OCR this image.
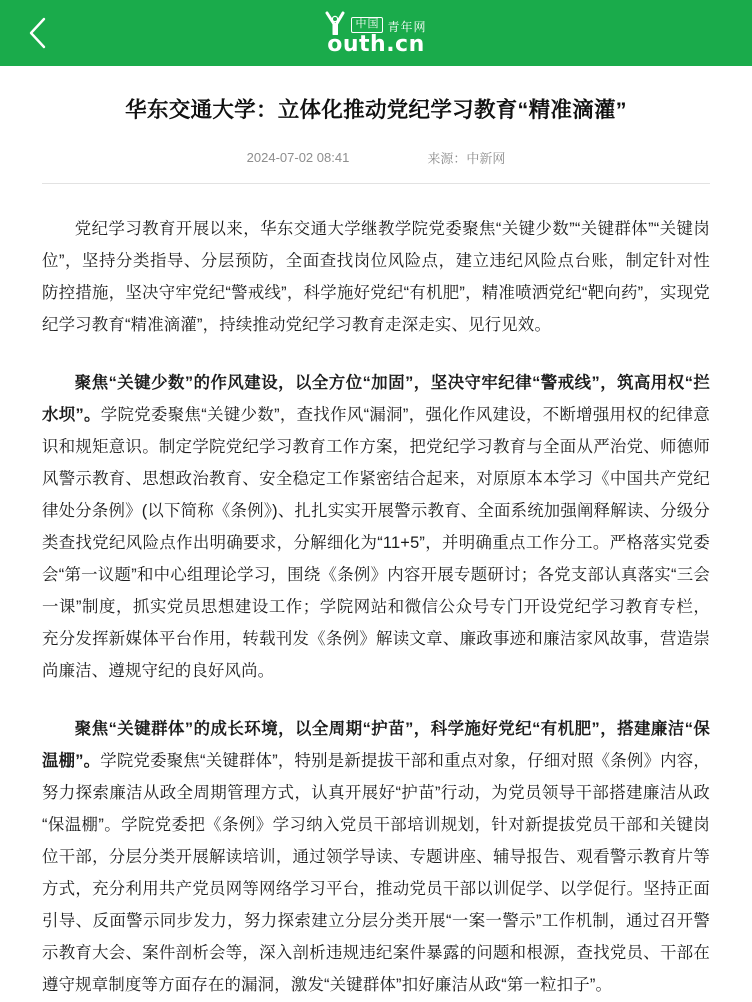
中国 青年网
outh.cn
华东交通大学：立体化推动党纪学习教育“精准滴灌”
2024-07-02 08:41	来源：中新网

党纪学习教育开展以来，华东交通大学继教学院党委聚焦“关键少数”“关键群体”“关键岗位”，坚持分类指导、分层预防，全面查找岗位风险点，建立违纪风险点台账，制定针对性防控措施，坚决守牢党纪“警戒线”，科学施好党纪“有机肥”，精准喷洒党纪“靶向药”，实现党纪学习教育“精准滴灌”，持续推动党纪学习教育走深走实、见行见效。

聚焦“关键少数”的作风建设，以全方位“加固”，坚决守牢纪律“警戒线”，筑高用权“拦水坝”。学院党委聚焦“关键少数”，查找作风“漏洞”，强化作风建设，不断增强用权的纪律意识和规矩意识。制定学院党纪学习教育工作方案，把党纪学习教育与全面从严治党、师德师风警示教育、思想政治教育、安全稳定工作紧密结合起来，对原原本本学习《中国共产党纪律处分条例》(以下简称《条例》)、扎扎实实开展警示教育、全面系统加强阐释解读、分级分类查找党纪风险点作出明确要求，分解细化为“11+5”，并明确重点工作分工。严格落实党委会“第一议题”和中心组理论学习，围绕《条例》内容开展专题研讨；各党支部认真落实“三会一课”制度，抓实党员思想建设工作；学院网站和微信公众号专门开设党纪学习教育专栏，充分发挥新媒体平台作用，转载刊发《条例》解读文章、廉政事迹和廉洁家风故事，营造崇尚廉洁、遵规守纪的良好风尚。

聚焦“关键群体”的成长环境，以全周期“护苗”，科学施好党纪“有机肥”，搭建廉洁“保温棚”。学院党委聚焦“关键群体”，特别是新提拔干部和重点对象，仔细对照《条例》内容，努力探索廉洁从政全周期管理方式，认真开展好“护苗”行动，为党员领导干部搭建廉洁从政“保温棚”。学院党委把《条例》学习纳入党员干部培训规划，针对新提拔党员干部和关键岗位干部，分层分类开展解读培训，通过领学导读、专题讲座、辅导报告、观看警示教育片等方式，充分利用共产党员网等网络学习平台，推动党员干部以训促学、以学促行。坚持正面引导、反面警示同步发力，努力探索建立分层分类开展“一案一警示”工作机制，通过召开警示教育大会、案件剖析会等，深入剖析违规违纪案件暴露的问题和根源，查找党员、干部在遵守规章制度等方面存在的漏洞，激发“关键群体”扣好廉洁从政“第一粒扣子”。
